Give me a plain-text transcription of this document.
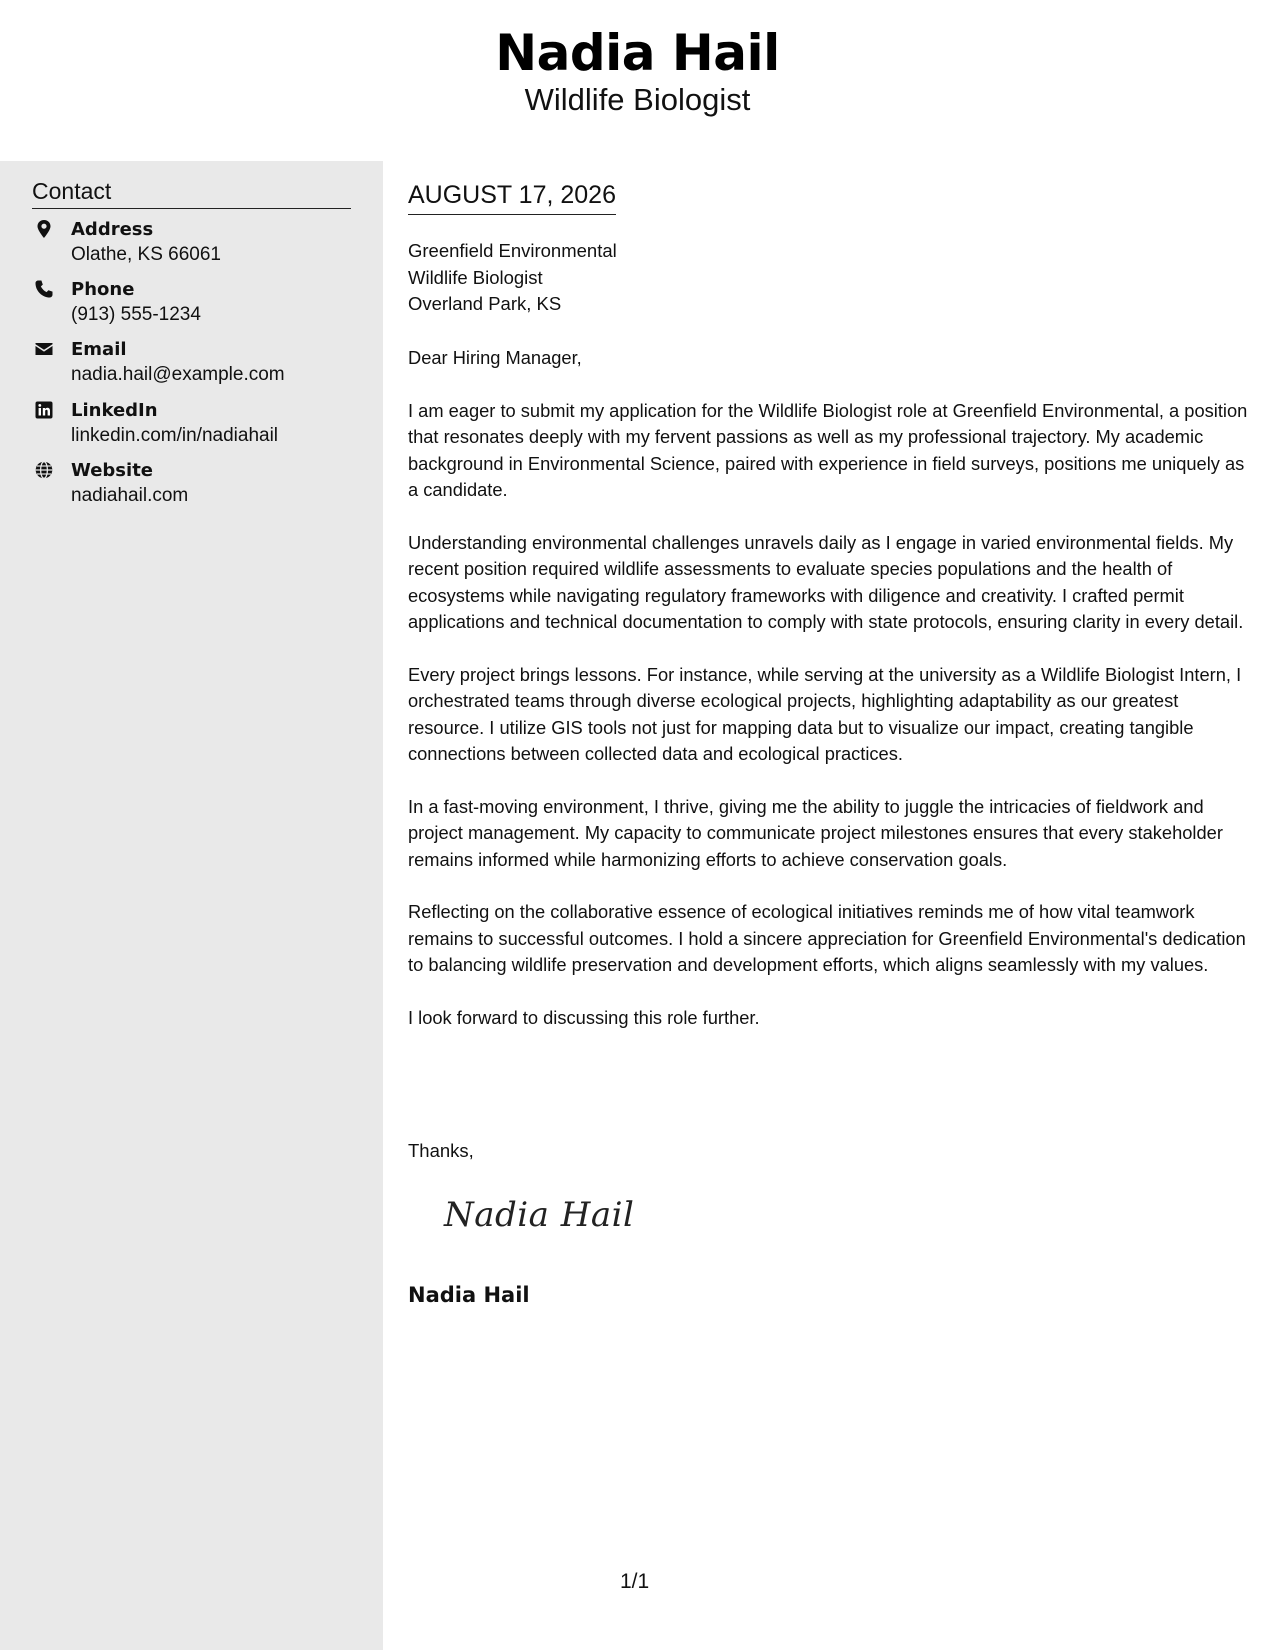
Nadia Hail
Wildlife Biologist
Contact
Address
Olathe, KS 66061
Phone
(913) 555-1234
Email
nadia.hail@example.com
LinkedIn
linkedin.com/in/nadiahail
Website
nadiahail.com
AUGUST 17, 2026
Greenfield Environmental
Wildlife Biologist
Overland Park, KS

Dear Hiring Manager,

I am eager to submit my application for the Wildlife Biologist role at Greenfield Environmental, a position that resonates deeply with my fervent passions as well as my professional trajectory. My academic background in Environmental Science, paired with experience in field surveys, positions me uniquely as a candidate.

Understanding environmental challenges unravels daily as I engage in varied environmental fields. My recent position required wildlife assessments to evaluate species populations and the health of ecosystems while navigating regulatory frameworks with diligence and creativity. I crafted permit applications and technical documentation to comply with state protocols, ensuring clarity in every detail.

Every project brings lessons. For instance, while serving at the university as a Wildlife Biologist Intern, I orchestrated teams through diverse ecological projects, highlighting adaptability as our greatest resource. I utilize GIS tools not just for mapping data but to visualize our impact, creating tangible connections between collected data and ecological practices.

In a fast-moving environment, I thrive, giving me the ability to juggle the intricacies of fieldwork and project management. My capacity to communicate project milestones ensures that every stakeholder remains informed while harmonizing efforts to achieve conservation goals.

Reflecting on the collaborative essence of ecological initiatives reminds me of how vital teamwork remains to successful outcomes. I hold a sincere appreciation for Greenfield Environmental's dedication to balancing wildlife preservation and development efforts, which aligns seamlessly with my values.

I look forward to discussing this role further.

Thanks,
Nadia Hail
Nadia Hail
1/1
